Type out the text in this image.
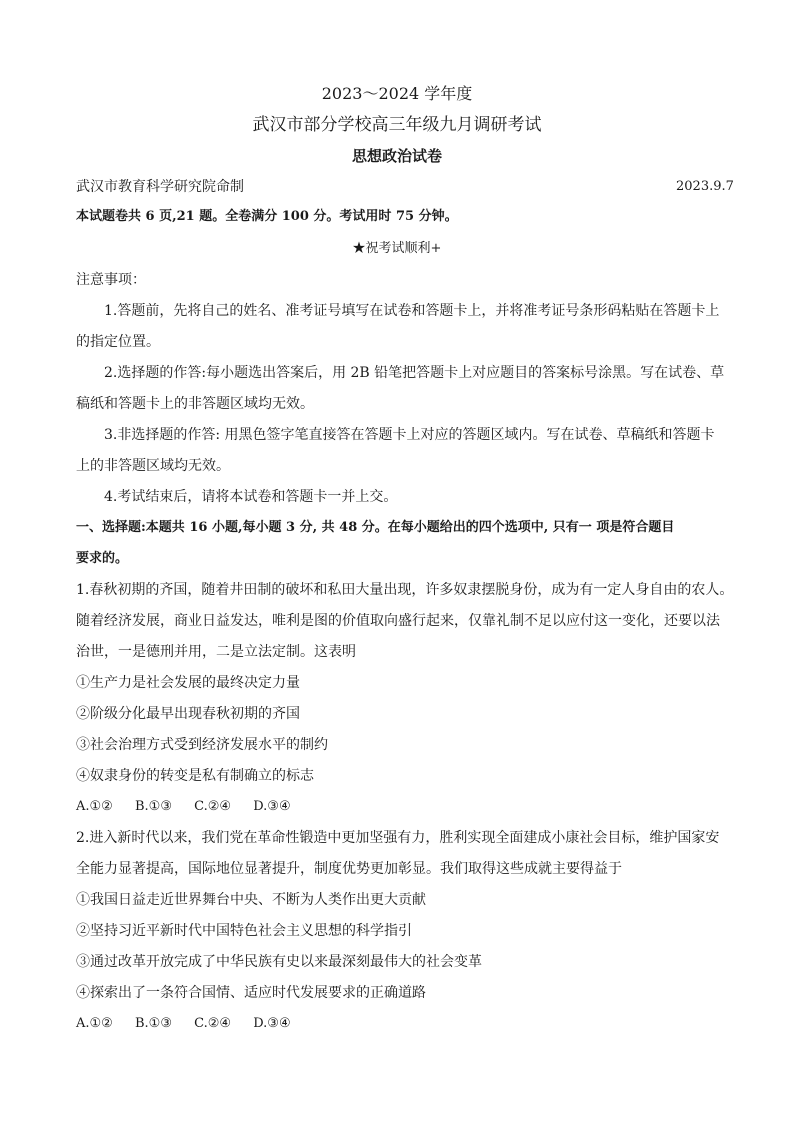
2023～2024 学年度
武汉市部分学校高三年级九月调研考试
思想政治试卷
武汉市教育科学研究院命制	2023.9.7
本试题卷共 6 页,21 题。全卷满分 100 分。考试用时 75 分钟。
★祝考试顺利+
注意事项：
1.答题前，先将自己的姓名、准考证号填写在试卷和答题卡上，并将准考证号条形码粘贴在答题卡上
的指定位置。
2.选择题的作答:每小题选出答案后，用 2B 铅笔把答题卡上对应题目的答案标号涂黑。写在试卷、草
稿纸和答题卡上的非答题区域均无效。
3.非选择题的作答: 用黑色签字笔直接答在答题卡上对应的答题区域内。写在试卷、草稿纸和答题卡
上的非答题区域均无效。
4.考试结束后，请将本试卷和答题卡一并上交。
一、选择题:本题共 16 小题,每小题 3 分, 共 48 分。在每小题给出的四个选项中, 只有一 项是符合题目
要求的。
1.春秋初期的齐国，随着井田制的破坏和私田大量出现，许多奴隶摆脱身份，成为有一定人身自由的农人。
随着经济发展，商业日益发达，唯利是图的价值取向盛行起来，仅靠礼制不足以应付这一变化，还要以法
治世，一是德刑并用，二是立法定制。这表明
①生产力是社会发展的最终决定力量
②阶级分化最早出现春秋初期的齐国
③社会治理方式受到经济发展水平的制约
④奴隶身份的转变是私有制确立的标志
A.①② B.①③ C.②④ D.③④
2.进入新时代以来，我们党在革命性锻造中更加坚强有力，胜利实现全面建成小康社会目标，维护国家安
全能力显著提高，国际地位显著提升，制度优势更加彰显。我们取得这些成就主要得益于
①我国日益走近世界舞台中央、不断为人类作出更大贡献
②坚持习近平新时代中国特色社会主义思想的科学指引
③通过改革开放完成了中华民族有史以来最深刻最伟大的社会变革
④探索出了一条符合国情、适应时代发展要求的正确道路
A.①② B.①③ C.②④ D.③④
